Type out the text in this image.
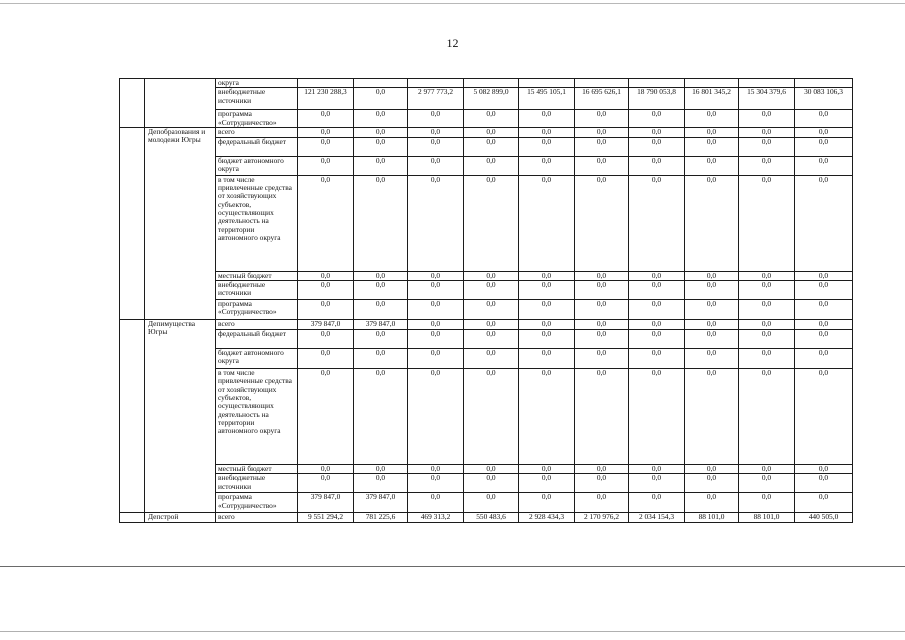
12
		округа										
		внебюджетные источники	121 230 288,3	0,0	2 977 773,2	5 082 899,0	15 495 105,1	16 695 626,1	18 790 053,8	16 801 345,2	15 304 379,6	30 083 106,3
		программа «Сотрудничество»	0,0	0,0	0,0	0,0	0,0	0,0	0,0	0,0	0,0	0,0
	Депобразования и молодежи Югры	всего	0,0	0,0	0,0	0,0	0,0	0,0	0,0	0,0	0,0	0,0
		федеральный бюджет	0,0	0,0	0,0	0,0	0,0	0,0	0,0	0,0	0,0	0,0
		бюджет автономного округа	0,0	0,0	0,0	0,0	0,0	0,0	0,0	0,0	0,0	0,0
		в том числе привлеченные средства от хозяйствующих субъектов, осуществляющих деятельность на территории автономного округа	0,0	0,0	0,0	0,0	0,0	0,0	0,0	0,0	0,0	0,0
		местный бюджет	0,0	0,0	0,0	0,0	0,0	0,0	0,0	0,0	0,0	0,0
		внебюджетные источники	0,0	0,0	0,0	0,0	0,0	0,0	0,0	0,0	0,0	0,0
		программа «Сотрудничество»	0,0	0,0	0,0	0,0	0,0	0,0	0,0	0,0	0,0	0,0
	Депимущества Югры	всего	379 847,0	379 847,0	0,0	0,0	0,0	0,0	0,0	0,0	0,0	0,0
		федеральный бюджет	0,0	0,0	0,0	0,0	0,0	0,0	0,0	0,0	0,0	0,0
		бюджет автономного округа	0,0	0,0	0,0	0,0	0,0	0,0	0,0	0,0	0,0	0,0
		в том числе привлеченные средства от хозяйствующих субъектов, осуществляющих деятельность на территории автономного округа	0,0	0,0	0,0	0,0	0,0	0,0	0,0	0,0	0,0	0,0
		местный бюджет	0,0	0,0	0,0	0,0	0,0	0,0	0,0	0,0	0,0	0,0
		внебюджетные источники	0,0	0,0	0,0	0,0	0,0	0,0	0,0	0,0	0,0	0,0
		программа «Сотрудничество»	379 847,0	379 847,0	0,0	0,0	0,0	0,0	0,0	0,0	0,0	0,0
	Депстрой	всего	9 551 294,2	781 225,6	469 313,2	550 483,6	2 928 434,3	2 170 976,2	2 034 154,3	88 101,0	88 101,0	440 505,0
